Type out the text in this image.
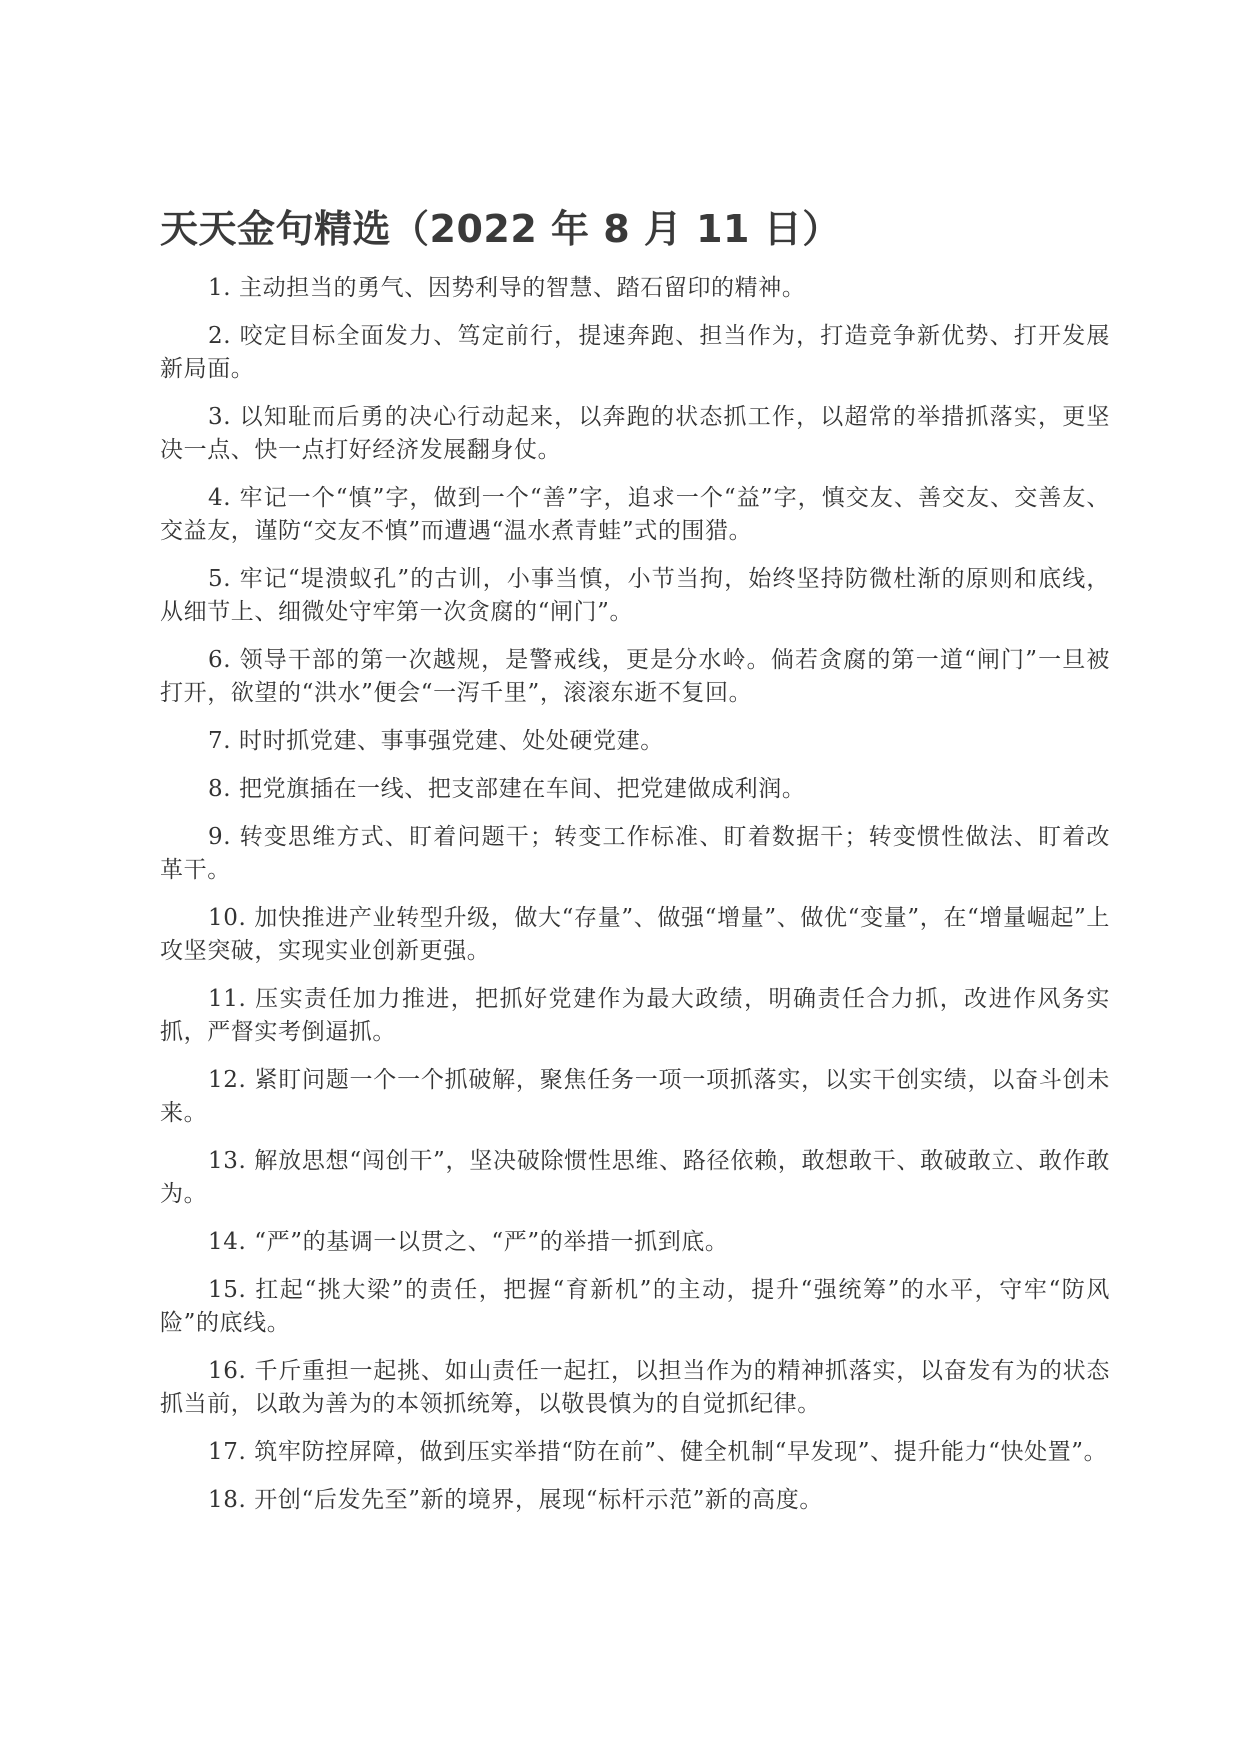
天天金句精选（2022 年 8 月 11 日）
1. 主动担当的勇气、因势利导的智慧、踏石留印的精神。
2. 咬定目标全面发力、笃定前行，提速奔跑、担当作为，打造竞争新优势、打开发展新局面。
3. 以知耻而后勇的决心行动起来，以奔跑的状态抓工作，以超常的举措抓落实，更坚决一点、快一点打好经济发展翻身仗。
4. 牢记一个“慎”字，做到一个“善”字，追求一个“益”字，慎交友、善交友、交善友、交益友，谨防“交友不慎”而遭遇“温水煮青蛙”式的围猎。
5. 牢记“堤溃蚁孔”的古训，小事当慎，小节当拘，始终坚持防微杜渐的原则和底线，从细节上、细微处守牢第一次贪腐的“闸门”。
6. 领导干部的第一次越规，是警戒线，更是分水岭。倘若贪腐的第一道“闸门”一旦被打开，欲望的“洪水”便会“一泻千里”，滚滚东逝不复回。
7. 时时抓党建、事事强党建、处处硬党建。
8. 把党旗插在一线、把支部建在车间、把党建做成利润。
9. 转变思维方式、盯着问题干；转变工作标准、盯着数据干；转变惯性做法、盯着改革干。
10. 加快推进产业转型升级，做大“存量”、做强“增量”、做优“变量”，在“增量崛起”上攻坚突破，实现实业创新更强。
11. 压实责任加力推进，把抓好党建作为最大政绩，明确责任合力抓，改进作风务实抓，严督实考倒逼抓。
12. 紧盯问题一个一个抓破解，聚焦任务一项一项抓落实，以实干创实绩，以奋斗创未来。
13. 解放思想“闯创干”，坚决破除惯性思维、路径依赖，敢想敢干、敢破敢立、敢作敢为。
14. “严”的基调一以贯之、“严”的举措一抓到底。
15. 扛起“挑大梁”的责任，把握“育新机”的主动，提升“强统筹”的水平，守牢“防风险”的底线。
16. 千斤重担一起挑、如山责任一起扛，以担当作为的精神抓落实，以奋发有为的状态抓当前，以敢为善为的本领抓统筹，以敬畏慎为的自觉抓纪律。
17. 筑牢防控屏障，做到压实举措“防在前”、健全机制“早发现”、提升能力“快处置”。
18. 开创“后发先至”新的境界，展现“标杆示范”新的高度。
